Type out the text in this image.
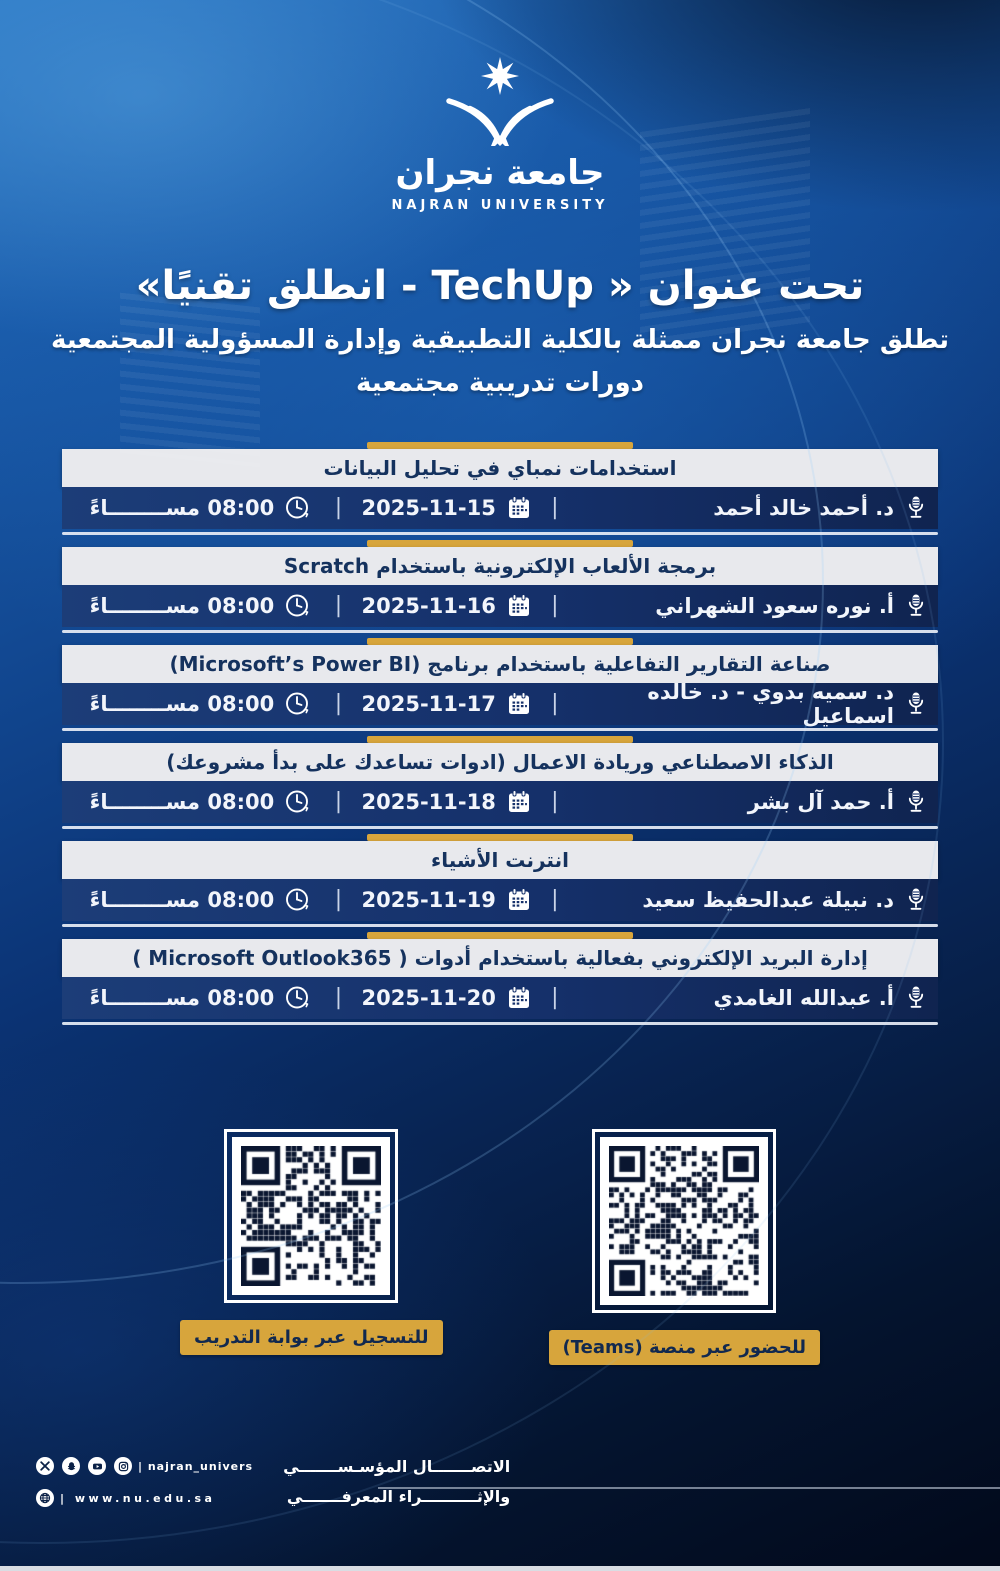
جامعة نجران
NAJRAN UNIVERSITY
تحت عنوان « TechUp - انطلق تقنيًا»
تطلق جامعة نجران ممثلة بالكلية التطبيقية وإدارة المسؤولية المجتمعية
دورات تدريبية مجتمعية
استخدامات نمباي في تحليل البيانات
د. أحمد خالد أحمد
|
2025-11-15
|
08:00 مســــــــاءً
برمجة الألعاب الإلكترونية باستخدام Scratch
أ. نوره سعود الشهراني
|
2025-11-16
|
08:00 مســــــــاءً
صناعة التقارير التفاعلية باستخدام برنامج (Microsoft’s Power BI)
د. سميه بدوي - د. خالده اسماعيل
|
2025-11-17
|
08:00 مســــــــاءً
الذكاء الاصطناعي وريادة الاعمال (ادوات تساعدك على بدأ مشروعك)
أ. حمد آل بشر
|
2025-11-18
|
08:00 مســــــــاءً
انترنت الأشياء
د. نبيلة عبدالحفيظ سعيد
|
2025-11-19
|
08:00 مســــــــاءً
إدارة البريد الإلكتروني بفعالية باستخدام أدوات ( Microsoft Outlook365 )
أ. عبدالله الغامدي
|
2025-11-20
|
08:00 مســــــــاءً
للتسجيل عبر بوابة التدريب	للحضور عبر منصة (Teams)
| najran_univers
| www.nu.edu.sa
الاتصـــــــال المؤسـســـــــي
والإثــــــــــراء المعرفـــــــي
